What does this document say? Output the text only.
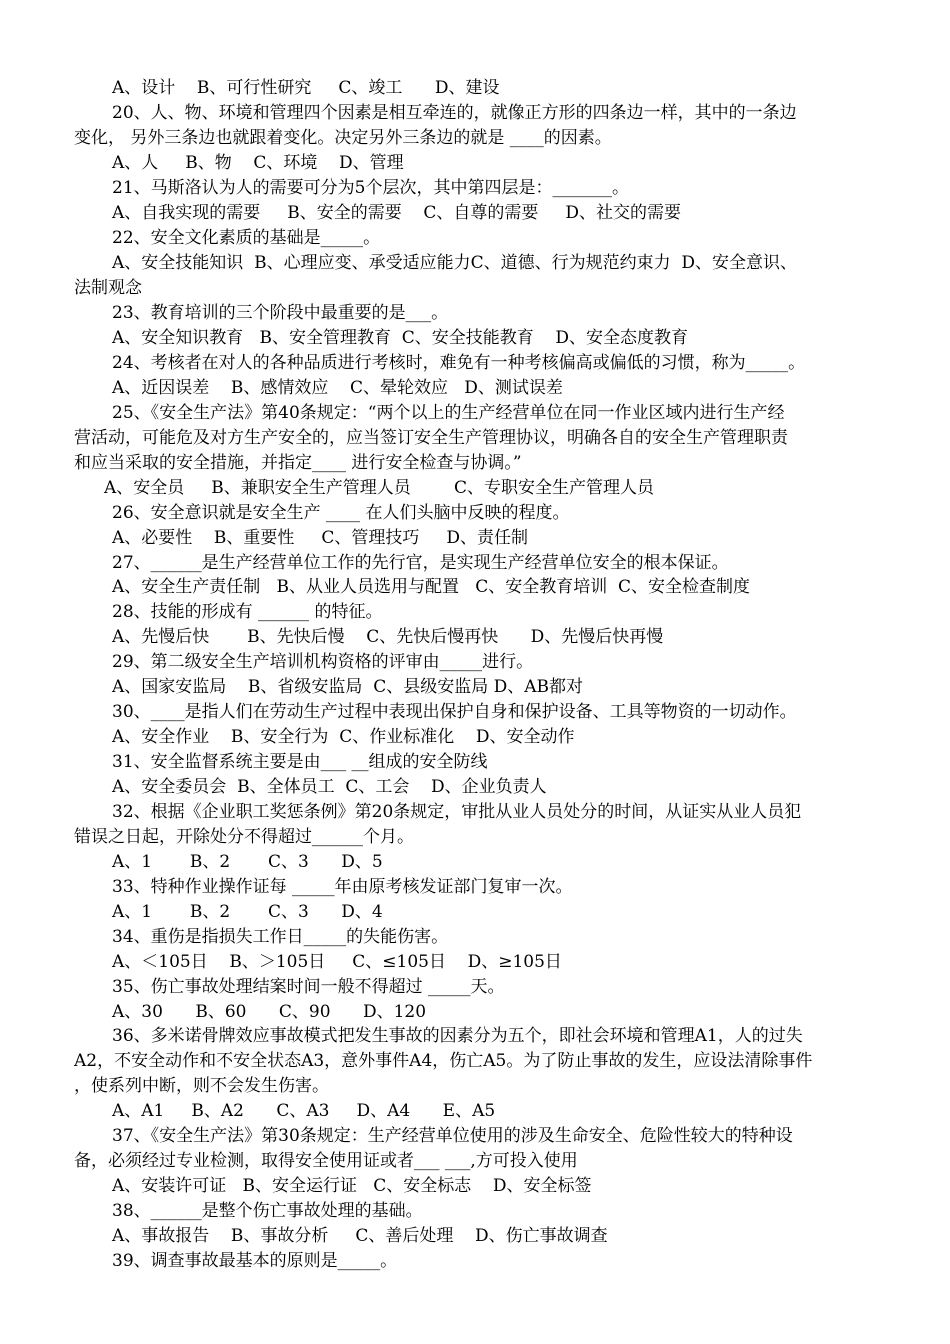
A、设计    B、可行性研究     C、竣工      D、建设
20、人、物、环境和管理四个因素是相互牵连的，就像正方形的四条边一样，其中的一条边
变化， 另外三条边也就跟着变化。决定另外三条边的就是 ____的因素。
A、人     B、物    C、环境    D、管理
21、马斯洛认为人的需要可分为5个层次，其中第四层是：_______。
A、自我实现的需要     B、安全的需要    C、自尊的需要     D、社交的需要
22、安全文化素质的基础是_____。
A、安全技能知识  B、心理应变、承受适应能力C、道德、行为规范约束力  D、安全意识、
法制观念
23、教育培训的三个阶段中最重要的是___。
A、安全知识教育   B、安全管理教育  C、安全技能教育    D、安全态度教育
24、考核者在对人的各种品质进行考核时，难免有一种考核偏高或偏低的习惯，称为_____。
A、近因误差    B、感情效应    C、晕轮效应   D、测试误差
25、《安全生产法》第40条规定：“两个以上的生产经营单位在同一作业区域内进行生产经
营活动，可能危及对方生产安全的，应当签订安全生产管理协议，明确各自的安全生产管理职责
和应当采取的安全措施，并指定____ 进行安全检查与协调。”
A、安全员     B、兼职安全生产管理人员        C、专职安全生产管理人员
26、安全意识就是安全生产 ____ 在人们头脑中反映的程度。
A、必要性    B、重要性     C、管理技巧     D、责任制
27、______是生产经营单位工作的先行官，是实现生产经营单位安全的根本保证。
A、安全生产责任制   B、从业人员选用与配置   C、安全教育培训  C、安全检查制度
28、技能的形成有 ______ 的特征。
A、先慢后快       B、先快后慢    C、先快后慢再快      D、先慢后快再慢
29、第二级安全生产培训机构资格的评审由_____进行。
A、国家安监局    B、省级安监局  C、县级安监局 D、AB都对
30、____是指人们在劳动生产过程中表现出保护自身和保护设备、工具等物资的一切动作。
A、安全作业    B、安全行为  C、作业标准化    D、安全动作
31、安全监督系统主要是由___ __组成的安全防线
A、安全委员会  B、全体员工  C、工会    D、企业负责人
32、根据《企业职工奖惩条例》第20条规定，审批从业人员处分的时间，从证实从业人员犯
错误之日起，开除处分不得超过______个月。
A、1       B、2       C、3      D、5
33、特种作业操作证每 _____年由原考核发证部门复审一次。
A、1       B、2       C、3      D、4
34、重伤是指损失工作日_____的失能伤害。
A、＜105日    B、＞105日     C、≤105日    D、≥105日
35、伤亡事故处理结案时间一般不得超过 _____天。
A、30      B、60      C、90      D、120
36、多米诺骨牌效应事故模式把发生事故的因素分为五个，即社会环境和管理A1，人的过失
A2，不安全动作和不安全状态A3，意外事件A4，伤亡A5。为了防止事故的发生，应设法清除事件
，使系列中断，则不会发生伤害。
A、A1     B、A2      C、A3     D、A4      E、A5
37、《安全生产法》第30条规定：生产经营单位使用的涉及生命安全、危险性较大的特种设
备，必须经过专业检测，取得安全使用证或者___ ___,方可投入使用
A、安装许可证   B、安全运行证   C、安全标志    D、安全标签
38、______是整个伤亡事故处理的基础。
A、事故报告    B、事故分析     C、善后处理    D、伤亡事故调查
39、调查事故最基本的原则是_____。
